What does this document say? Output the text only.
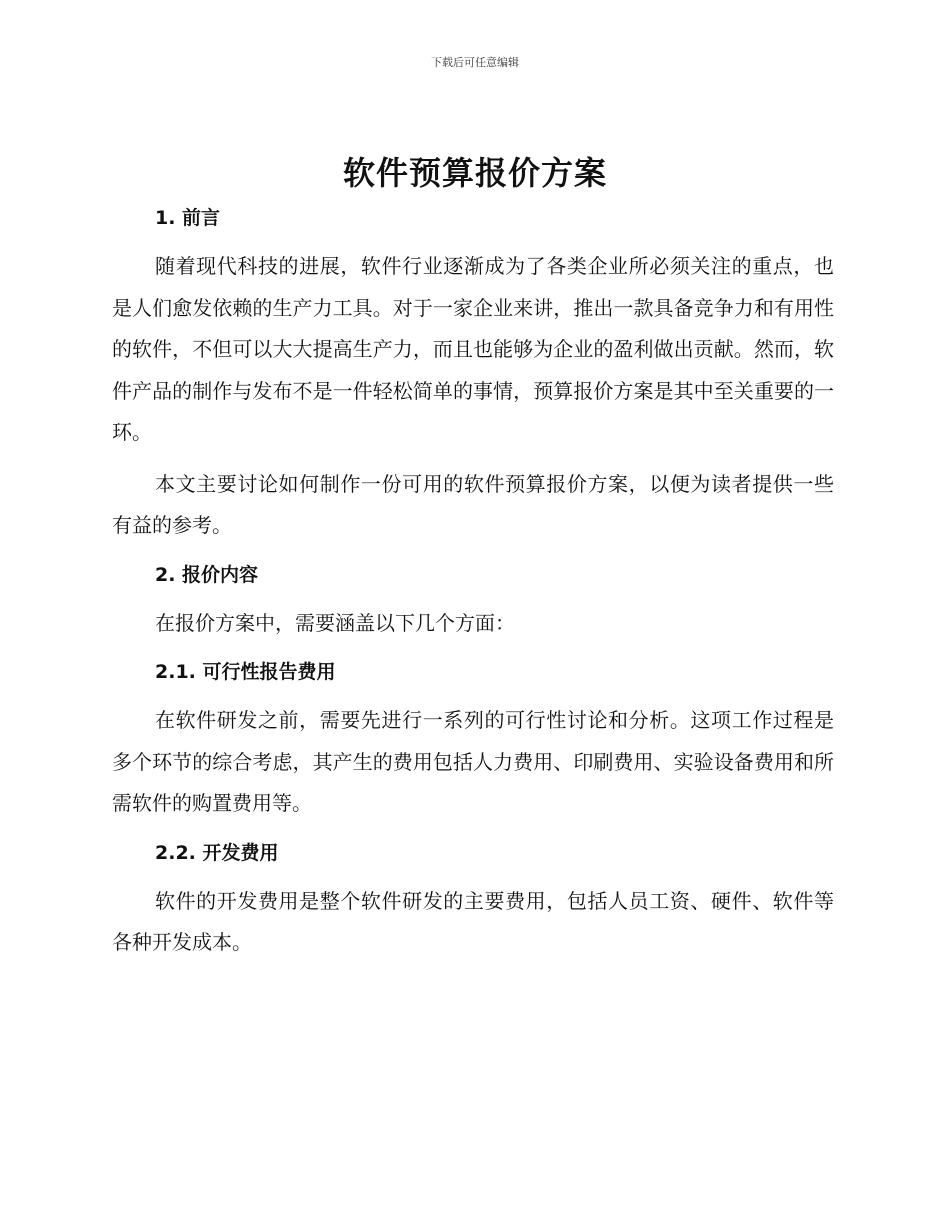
下载后可任意编辑
软件预算报价方案
1. 前言

随着现代科技的进展，软件行业逐渐成为了各类企业所必须关注的重点，也是人们愈发依赖的生产力工具。对于一家企业来讲，推出一款具备竞争力和有用性的软件，不但可以大大提高生产力，而且也能够为企业的盈利做出贡献。然而，软件产品的制作与发布不是一件轻松简单的事情，预算报价方案是其中至关重要的一环。

本文主要讨论如何制作一份可用的软件预算报价方案，以便为读者提供一些有益的参考。

2. 报价内容

在报价方案中，需要涵盖以下几个方面：

2.1. 可行性报告费用

在软件研发之前，需要先进行一系列的可行性讨论和分析。这项工作过程是多个环节的综合考虑，其产生的费用包括人力费用、印刷费用、实验设备费用和所需软件的购置费用等。

2.2. 开发费用

软件的开发费用是整个软件研发的主要费用，包括人员工资、硬件、软件等各种开发成本。
